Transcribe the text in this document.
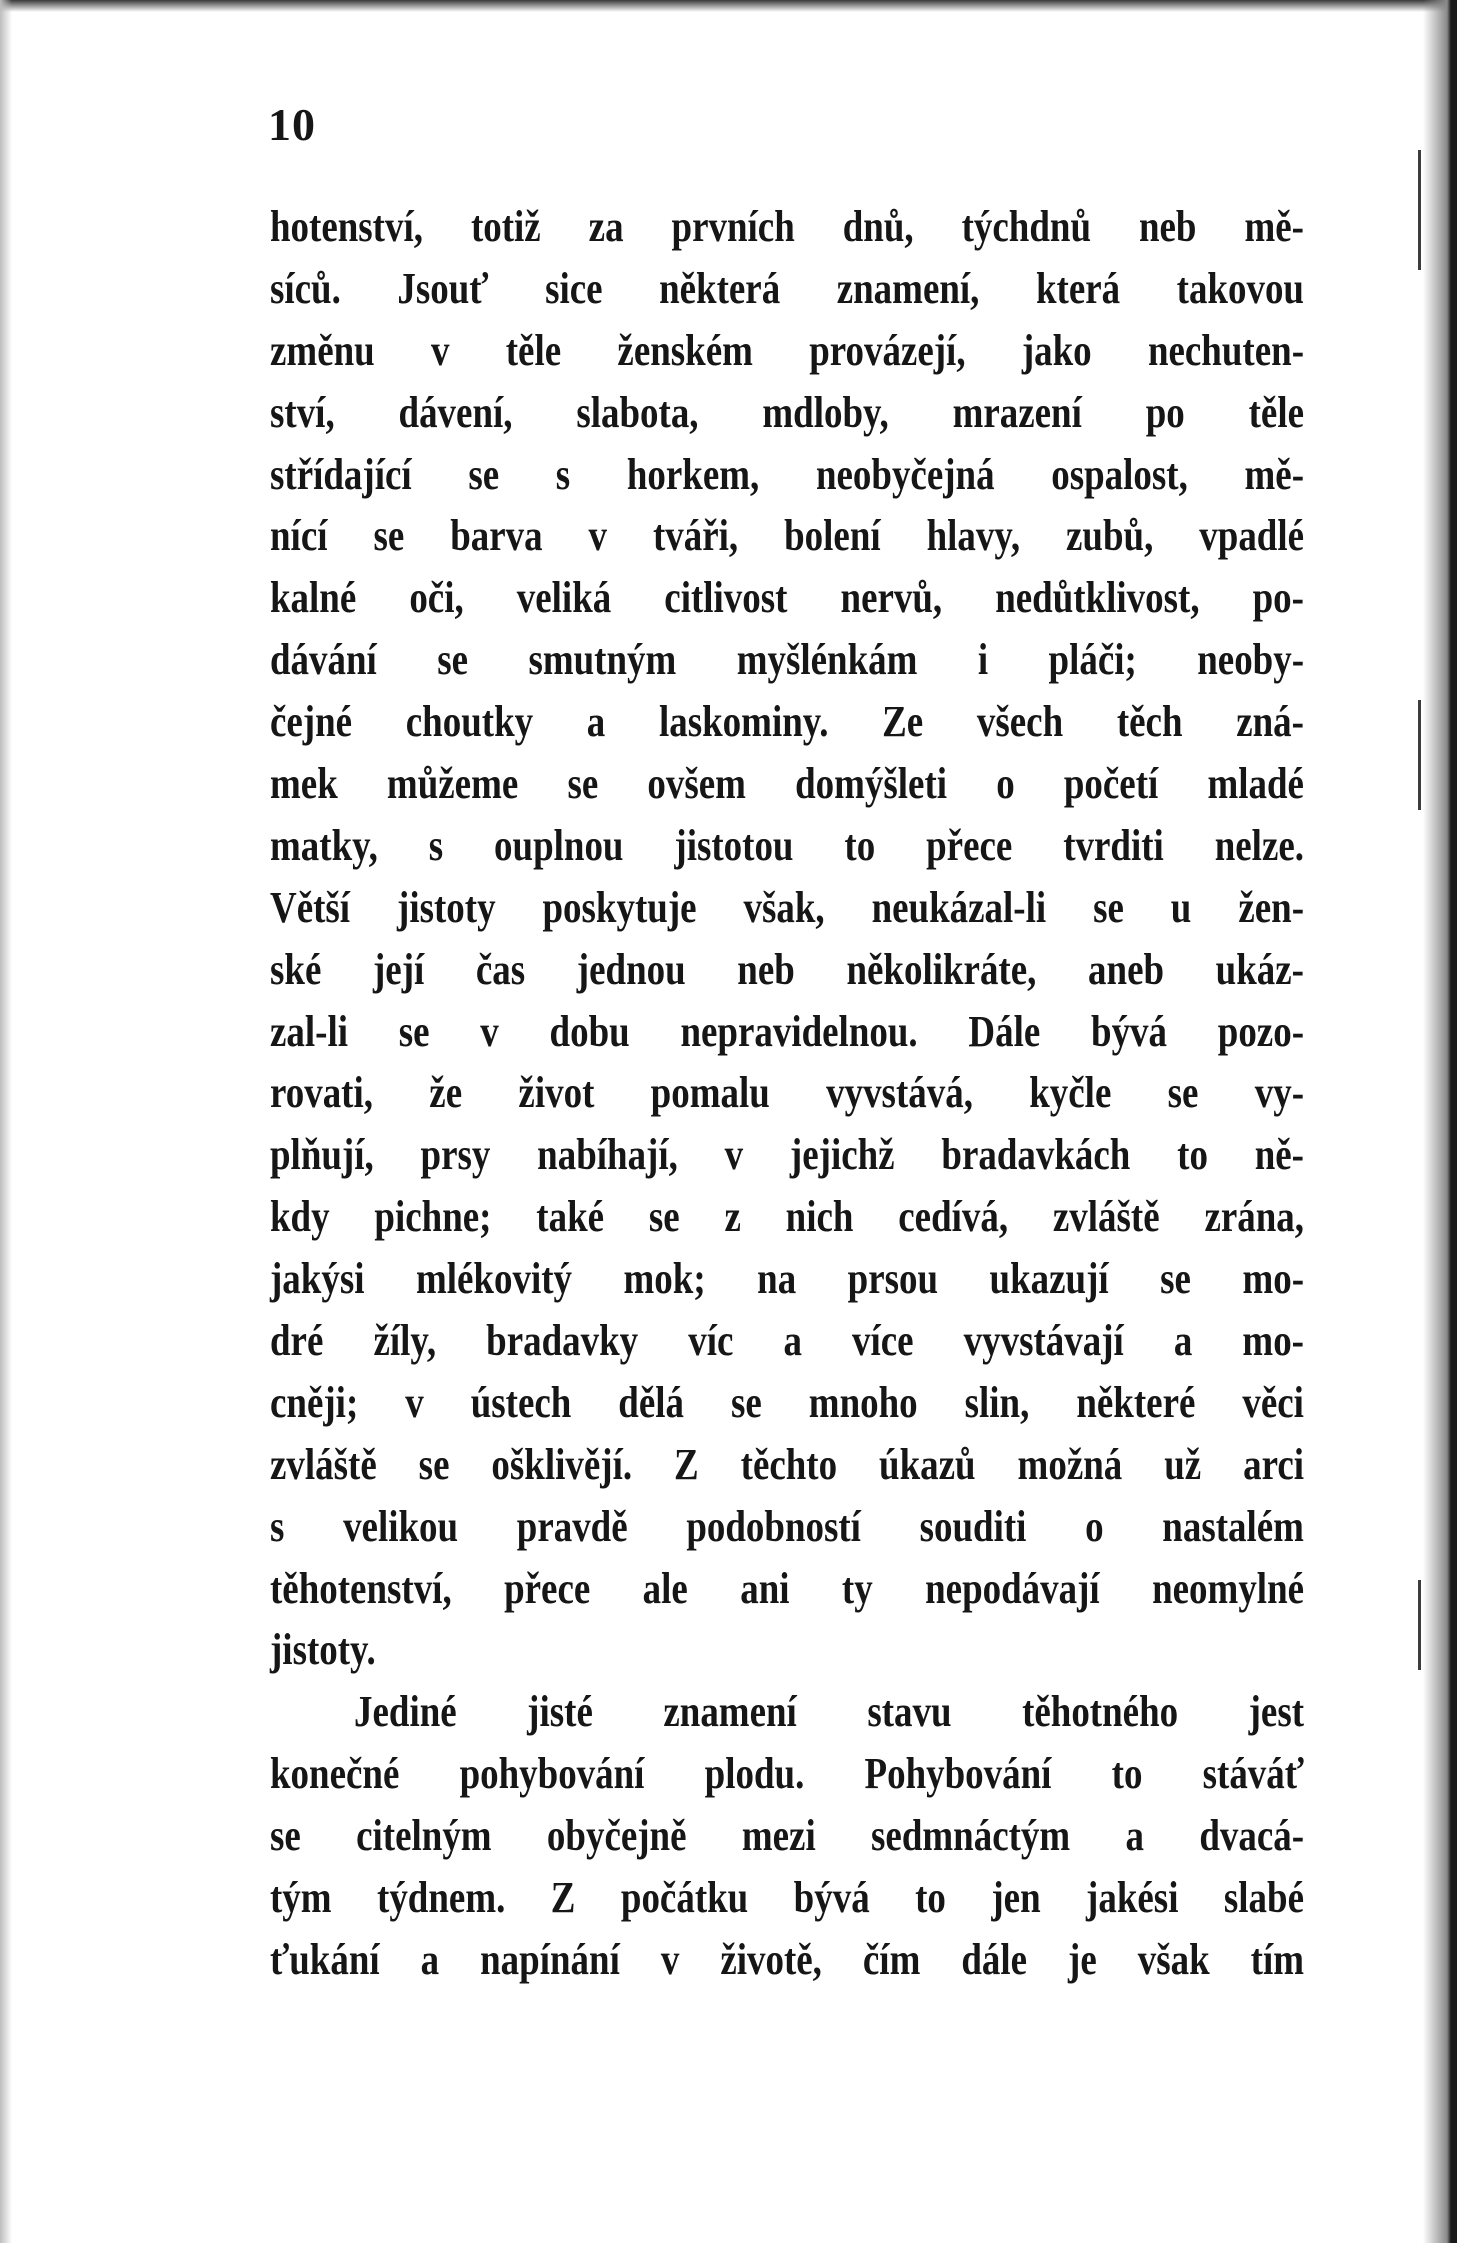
10
hotenství, totiž za prvních dnů, týchdnů neb mě-
síců. Jsouť sice některá znamení, která takovou
změnu v těle ženském provázejí, jako nechuten-
ství, dávení, slabota, mdloby, mrazení po těle
střídající se s horkem, neobyčejná ospalost, mě-
nící se barva v tváři, bolení hlavy, zubů, vpadlé
kalné oči, veliká citlivost nervů, nedůtklivost, po-
dávání se smutným myšlénkám i pláči; neoby-
čejné choutky a laskominy. Ze všech těch zná-
mek můžeme se ovšem domýšleti o početí mladé
matky, s ouplnou jistotou to přece tvrditi nelze.
Větší jistoty poskytuje však, neukázal-li se u žen-
ské její čas jednou neb několikráte, aneb ukáz-
zal-li se v dobu nepravidelnou. Dále bývá pozo-
rovati, že život pomalu vyvstává, kyčle se vy-
plňují, prsy nabíhají, v jejichž bradavkách to ně-
kdy pichne; také se z nich cedívá, zvláště zrána,
jakýsi mlékovitý mok; na prsou ukazují se mo-
dré žíly, bradavky víc a více vyvstávají a mo-
cněji; v ústech dělá se mnoho slin, některé věci
zvláště se ošklivějí. Z těchto úkazů možná už arci
s velikou pravdě podobností souditi o nastalém
těhotenství, přece ale ani ty nepodávají neomylné
jistoty.
Jediné jisté znamení stavu těhotného jest
konečné pohybování plodu. Pohybování to stáváť
se citelným obyčejně mezi sedmnáctým a dvacá-
tým týdnem. Z počátku bývá to jen jakési slabé
ťukání a napínání v životě, čím dále je však tím
